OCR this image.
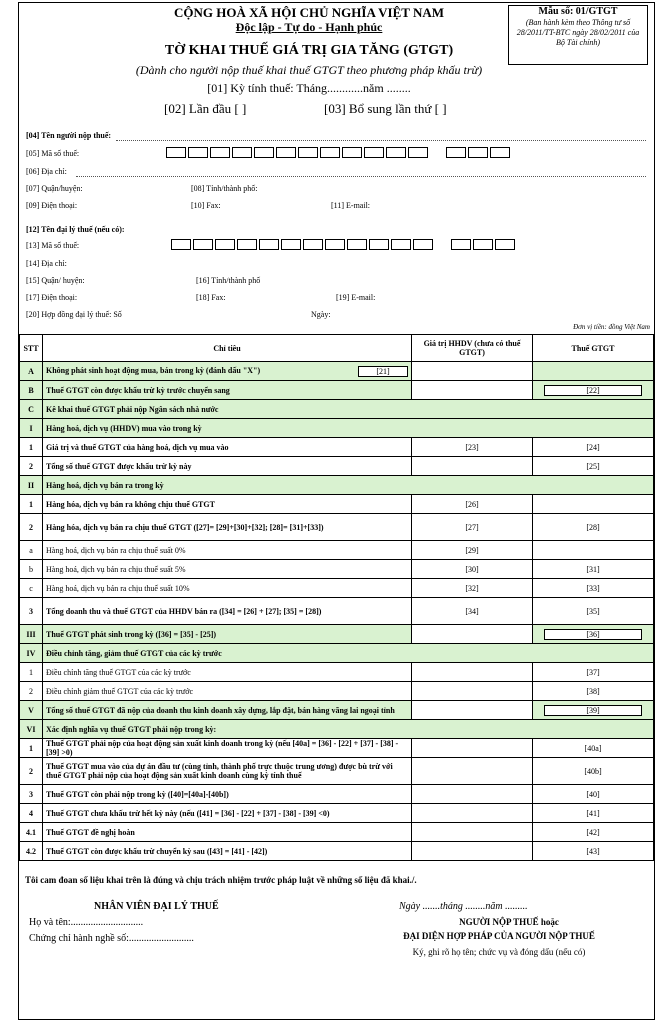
Mẫu số: 01/GTGT
(Ban hành kèm theo Thông tư số 28/2011/TT-BTC ngày 28/02/2011 của Bộ Tài chính)
CỘNG HOÀ XÃ HỘI CHỦ NGHĨA VIỆT NAM
Độc lập - Tự do - Hạnh phúc
TỜ KHAI THUẾ GIÁ TRỊ GIA TĂNG (GTGT)
(Dành cho người nộp thuế khai thuế GTGT theo phương pháp khấu trừ)
[01] Kỳ tính thuế: Tháng............năm ........
[02] Lần đầu [ ]	[03] Bổ sung lần thứ [ ]
[04] Tên người nộp thuế:
[05] Mã số thuế:
[06] Địa chỉ:
[07] Quận/huyện:	[08] Tỉnh/thành phố:
[09] Điện thoại:	[10] Fax:	[11] E-mail:
[12] Tên đại lý thuế (nếu có):
[13] Mã số thuế:
[14] Địa chỉ:
[15] Quận/ huyện:	[16] Tỉnh/thành phố
[17] Điện thoại:	[18] Fax:	[19] E-mail:
[20] Hợp đồng đại lý thuế: Số	Ngày:
Đơn vị tiền: đồng Việt Nam
STT	Chỉ tiêu	Giá trị HHDV (chưa có thuế GTGT)	Thuế GTGT
A	Không phát sinh hoạt động mua, bán trong kỳ (đánh dấu "X") [21]		

B	Thuế GTGT còn được khấu trừ kỳ trước chuyển sang		[22]
C	Kê khai thuế GTGT phải nộp Ngân sách nhà nước		
I	Hàng hoá, dịch vụ (HHDV) mua vào trong kỳ		
1	Giá trị và thuế GTGT của hàng hoá, dịch vụ mua vào	[23]	[24]
2	Tổng số thuế GTGT được khấu trừ kỳ này		[25]
II	Hàng hoá, dịch vụ bán ra trong kỳ		
1	Hàng hóa, dịch vụ bán ra không chịu thuế GTGT	[26]	
2	Hàng hóa, dịch vụ bán ra chịu thuế GTGT ([27]= [29]+[30]+[32]; [28]= [31]+[33])	[27]	[28]
a	Hàng hoá, dịch vụ bán ra chịu thuế suất 0%	[29]	
b	Hàng hoá, dịch vụ bán ra chịu thuế suất 5%	[30]	[31]
c	Hàng hoá, dịch vụ bán ra chịu thuế suất 10%	[32]	[33]
3	Tổng doanh thu và thuế GTGT của HHDV bán ra ([34] = [26] + [27]; [35] = [28])	[34]	[35]
III	Thuế GTGT phát sinh trong kỳ ([36] = [35] - [25])		[36]
IV	Điều chỉnh tăng, giảm thuế GTGT của các kỳ trước		
1	Điều chỉnh tăng thuế GTGT của các kỳ trước		[37]
2	Điều chỉnh giảm thuế GTGT của các kỳ trước		[38]
V	Tổng số thuế GTGT đã nộp của doanh thu kinh doanh xây dựng, lắp đặt, bán hàng vãng lai ngoại tỉnh		[39]
VI	Xác định nghĩa vụ thuế GTGT phải nộp trong kỳ:		
1	Thuế GTGT phải nộp của hoạt động sản xuất kinh doanh trong kỳ (nếu [40a] = [36] - [22] + [37] - [38] -[39] >0)		[40a]
2	Thuế GTGT mua vào của dự án đầu tư (cùng tỉnh, thành phố trực thuộc trung ương) được bù trừ với thuế GTGT phải nộp của hoạt động sản xuất kinh doanh cùng kỳ tính thuế		[40b]
3	Thuế GTGT còn phải nộp trong kỳ ([40]=[40a]-[40b])		[40]
4	Thuế GTGT chưa khấu trừ hết kỳ này (nếu ([41] = [36] - [22] + [37] - [38] - [39] <0)		[41]
4.1	Thuế GTGT đề nghị hoàn		[42]
4.2	Thuế GTGT còn được khấu trừ chuyển kỳ sau ([43] = [41] - [42])		[43]
Tôi cam đoan số liệu khai trên là đúng và chịu trách nhiệm trước pháp luật về những số liệu đã khai./.
NHÂN VIÊN ĐẠI LÝ THUẾ
Họ và tên:.............................
Chứng chỉ hành nghề số:..........................
Ngày .......tháng ........năm .........
NGƯỜI NỘP THUẾ hoặc
ĐẠI DIỆN HỢP PHÁP CỦA NGƯỜI NỘP THUẾ
Ký, ghi rõ họ tên; chức vụ và đóng dấu (nếu có)
